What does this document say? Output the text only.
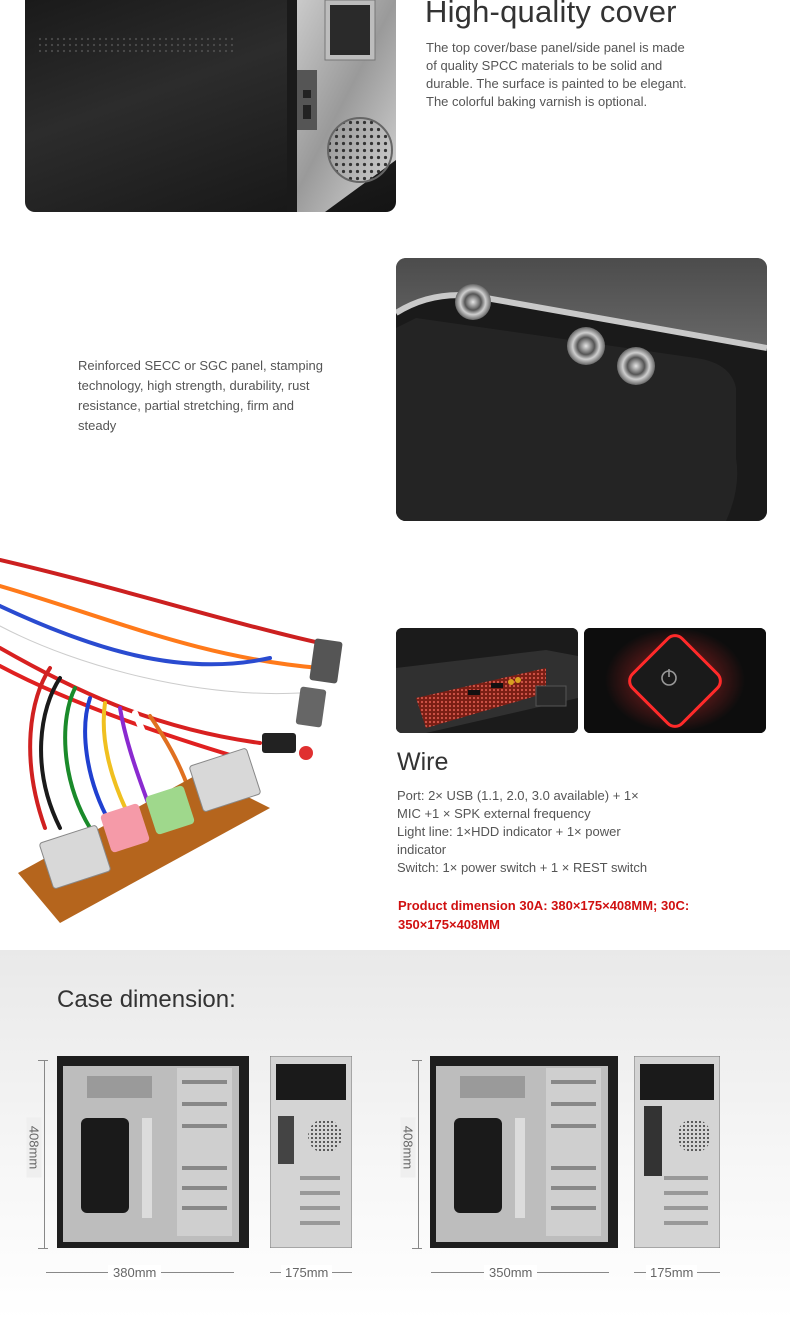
High-quality cover
The top cover/base panel/side panel is made of quality SPCC materials to be solid and durable. The surface is painted to be elegant. The colorful baking varnish is optional.
Reinforced SECC or SGC panel, stamping technology, high strength, durability, rust resistance, partial stretching, firm and steady
Wire
Port: 2× USB (1.1, 2.0, 3.0 available) + 1× MIC +1 × SPK external frequency
Light line: 1×HDD indicator + 1× power indicator
Switch: 1× power switch + 1 × REST switch
Product dimension 30A: 380×175×408MM; 30C: 350×175×408MM
Case dimension:
408mm
380mm	175mm
408mm
350mm	175mm
